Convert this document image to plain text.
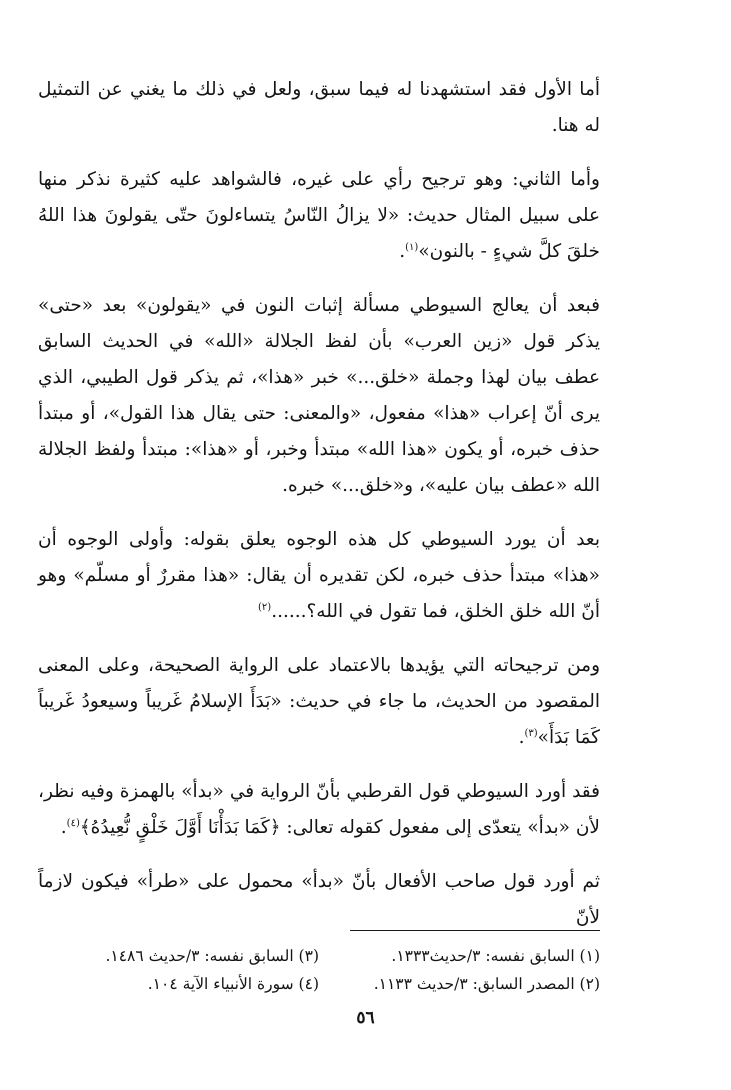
أما الأول فقد استشهدنا له فيما سبق، ولعل في ذلك ما يغني عن التمثيل له هنا.

وأما الثاني: وهو ترجيح رأي على غيره، فالشواهد عليه كثيرة نذكر منها على سبيل المثال حديث: «لا يزالُ النّاسُ يتساءلونَ حتّى يقولونَ هذا اللهُ خلقَ كلَّ شيءٍ - بالنون»$^{(١)}$.

فبعد أن يعالج السيوطي مسألة إثبات النون في «يقولون» بعد «حتى» يذكر قول «زين العرب» بأن لفظ الجلالة «الله» في الحديث السابق عطف بيان لهذا وجملة «خلق...» خبر «هذا»، ثم يذكر قول الطيبي، الذي يرى أنّ إعراب «هذا» مفعول، «والمعنى: حتى يقال هذا القول»، أو مبتدأ حذف خبره، أو يكون «هذا الله» مبتدأ وخبر، أو «هذا»: مبتدأ ولفظ الجلالة الله «عطف بيان عليه»، و«خلق...» خبره.

بعد أن يورد السيوطي كل هذه الوجوه يعلق بقوله: وأولى الوجوه أن «هذا» مبتدأ حذف خبره، لكن تقديره أن يقال: «هذا مقررٌ أو مسلّم» وهو أنّ الله خلق الخلق، فما تقول في الله؟......$^{(٢)}$

ومن ترجيحاته التي يؤيدها بالاعتماد على الرواية الصحيحة، وعلى المعنى المقصود من الحديث، ما جاء في حديث: «بَدَأَ الإسلامُ غَريباً وسيعودُ غَريباً كَمَا بَدَأَ»$^{(٣)}$.

فقد أورد السيوطي قول القرطبي بأنّ الرواية في «بدأ» بالهمزة وفيه نظر، لأن «بدأ» يتعدّى إلى مفعول كقوله تعالى: ﴿كَمَا بَدَأْنَا أَوَّلَ خَلْقٍ نُّعِيدُهُ﴾$^{(٤)}$.

ثم أورد قول صاحب الأفعال بأنّ «بدأ» محمول على «طرأ» فيكون لازماً لأنّ

(١) السابق نفسه: ٣/حديث١٣٣٣.
(٣) السابق نفسه: ٣/حديث ١٤٨٦.
(٢) المصدر السابق: ٣/حديث ١١٣٣.
(٤) سورة الأنبياء الآية ١٠٤.
٥٦
